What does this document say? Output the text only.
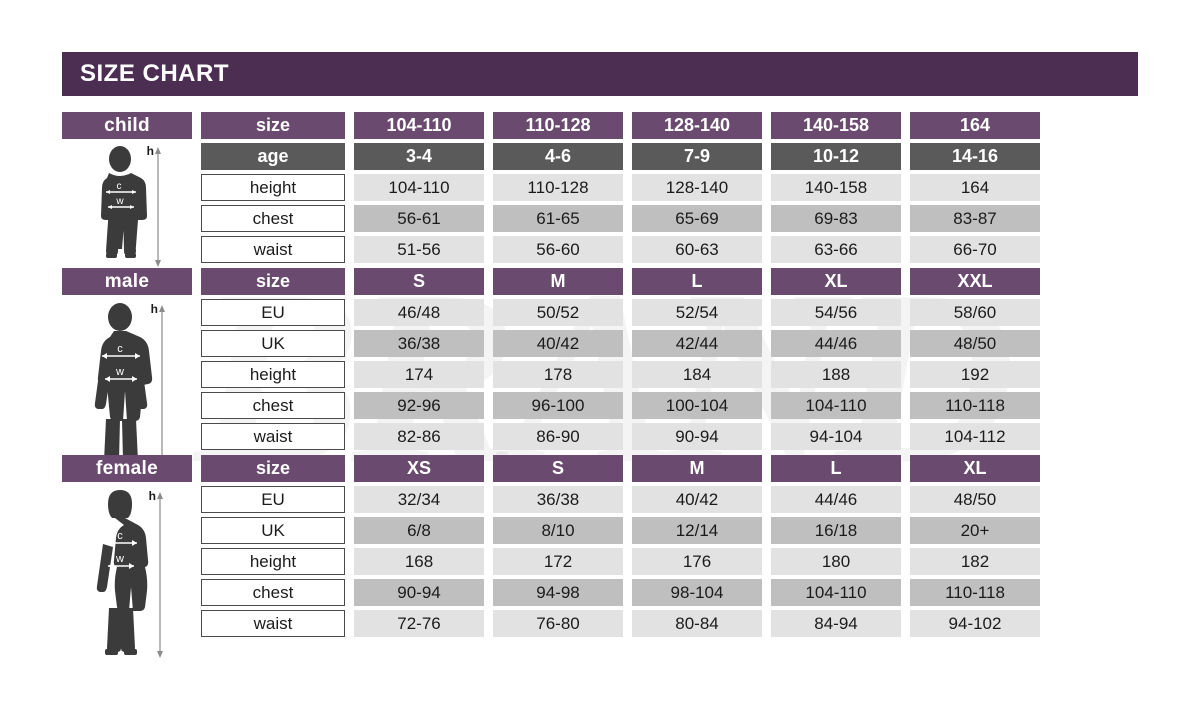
SIZE CHART
child	size	104-110	110-128	128-140	140-158	164
age	3-4	4-6	7-9	10-12	14-16
height	104-110	110-128	128-140	140-158	164
chest	56-61	61-65	65-69	69-83	83-87
waist	51-56	56-60	60-63	63-66	66-70
c
w
h
male	size	S	M	L	XL	XXL
EU	46/48	50/52	52/54	54/56	58/60
UK	36/38	40/42	42/44	44/46	48/50
height	174	178	184	188	192
chest	92-96	96-100	100-104	104-110	110-118
waist	82-86	86-90	90-94	94-104	104-112
c
w
h
female	size	XS	S	M	L	XL
EU	32/34	36/38	40/42	44/46	48/50
UK	6/8	8/10	12/14	16/18	20+
height	168	172	176	180	182
chest	90-94	94-98	98-104	104-110	110-118
waist	72-76	76-80	80-84	84-94	94-102
c
w
h
